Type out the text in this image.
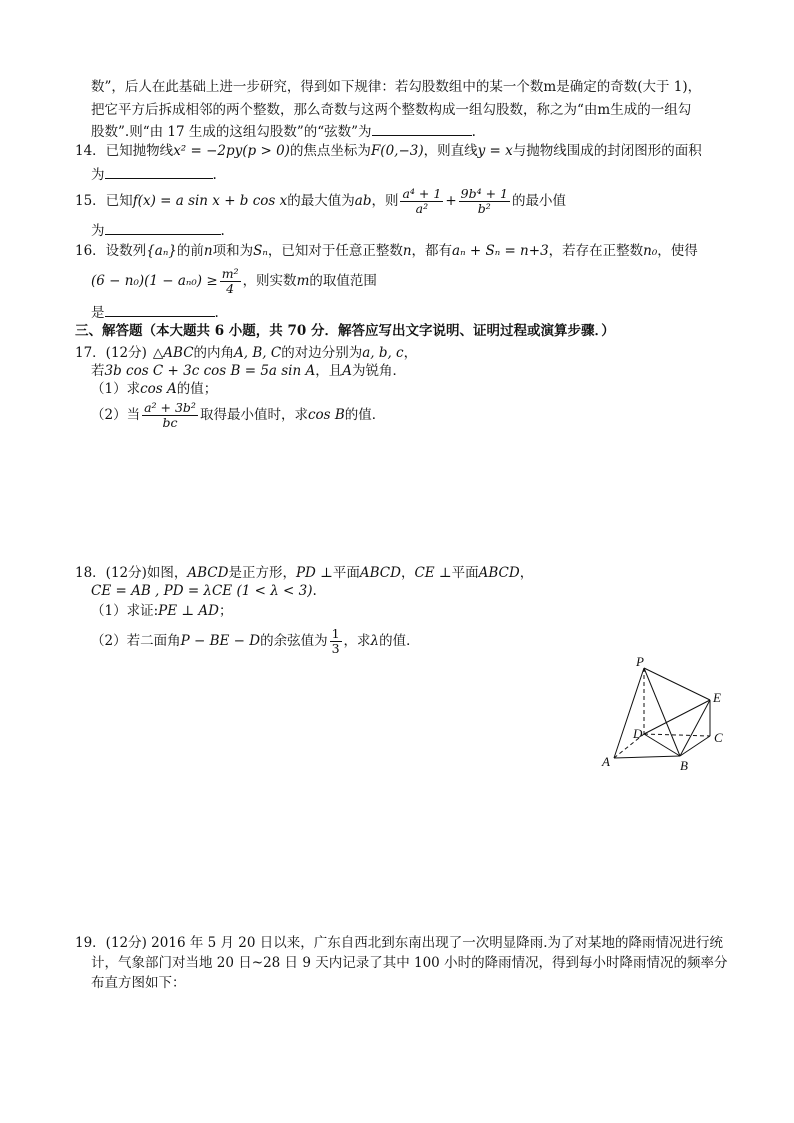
数”，后人在此基础上进一步研究，得到如下规律：若勾股数组中的某一个数m是确定的奇数(大于 1)，
把它平方后拆成相邻的两个整数，那么奇数与这两个整数构成一组勾股数，称之为“由m生成的一组勾
股数”.则“由 17 生成的这组勾股数”的“弦数”为	.
14．已知抛物线x² = −2py(p > 0)的焦点坐标为F(0,−3)，则直线y = x与抛物线围成的封闭图形的面积
为	.
15．已知f(x) = a sin x + b cos x的最大值为ab，则 $\frac{\text{a⁴ + 1}}{\text{a²}} + \frac{\text{9b⁴ + 1}}{\text{b²}}$ 的最小值
为	.
16．设数列{aₙ}的前n项和为Sₙ，已知对于任意正整数n，都有aₙ + Sₙ = n+3，若存在正整数n₀，使得
$(6 - n_0)(1 - a_{n0}) \ge \frac{\text{m²}}{4}$ ，则实数m的取值范围
是	.
三、解答题（本大题共 6 小题，共 70 分．解答应写出文字说明、证明过程或演算步骤．）
17．(12分) △ABC的内角A, B, C的对边分别为a, b, c，
若3b cos C + 3c cos B = 5a sin A，且A为锐角．
（1）求cos A的值；
（2）当 $\frac{\text{a² + 3b²}}{bc}$ 取得最小值时，求cos B的值．
18．(12分)如图，ABCD是正方形，PD ⊥平面ABCD，CE ⊥平面ABCD，
CE = AB , PD = λCE (1 < λ < 3).
（1）求证:PE ⊥ AD；
（2）若二面角P − BE − D的余弦值为 $\frac{1}{3}$ ，求λ的值．
P
E
D	C
A	B
19．(12分) 2016 年 5 月 20 日以来，广东自西北到东南出现了一次明显降雨.为了对某地的降雨情况进行统
计，气象部门对当地 20 日~28 日 9 天内记录了其中 100 小时的降雨情况，得到每小时降雨情况的频率分
布直方图如下：
